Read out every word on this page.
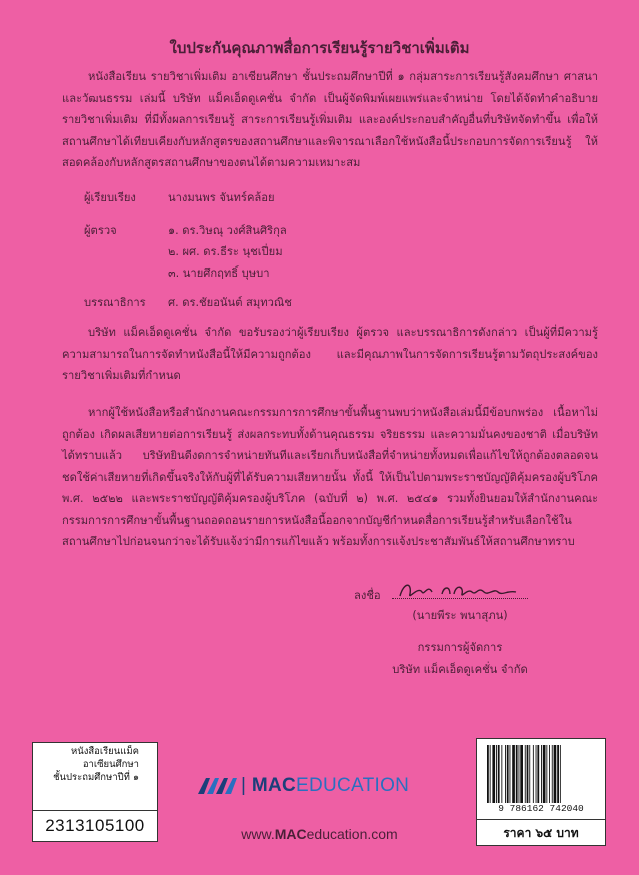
ใบประกันคุณภาพสื่อการเรียนรู้รายวิชาเพิ่มเติม
หนังสือเรียน รายวิชาเพิ่มเติม อาเซียนศึกษา ชั้นประถมศึกษาปีที่ ๑ กลุ่มสาระการเรียนรู้สังคมศึกษา ศาสนาและวัฒนธรรม เล่มนี้ บริษัท แม็คเอ็ดดูเคชั่น จำกัด เป็นผู้จัดพิมพ์เผยแพร่และจำหน่าย โดยได้จัดทำคำอธิบายรายวิชาเพิ่มเติม ที่มีทั้งผลการเรียนรู้ สาระการเรียนรู้เพิ่มเติม และองค์ประกอบสำคัญอื่นที่บริษัทจัดทำขึ้น เพื่อให้สถานศึกษาได้เทียบเคียงกับหลักสูตรของสถานศึกษาและพิจารณาเลือกใช้หนังสือนี้ประกอบการจัดการเรียนรู้ ให้สอดคล้องกับหลักสูตรสถานศึกษาของตนได้ตามความเหมาะสม
ผู้เรียบเรียง	นางมนพร จันทร์คล้อย
ผู้ตรวจ	๑. ดร.วิษณุ วงศ์สินศิริกุล
๒. ผศ. ดร.ธีระ นุชเปี่ยม
๓. นายศึกฤทธิ์ บุษบา
บรรณาธิการ ศ. ดร.ชัยอนันต์ สมุทวณิช
บริษัท แม็คเอ็ดดูเคชั่น จำกัด ขอรับรองว่าผู้เรียบเรียง ผู้ตรวจ และบรรณาธิการดังกล่าว เป็นผู้ที่มีความรู้ความสามารถในการจัดทำหนังสือนี้ให้มีความถูกต้อง และมีคุณภาพในการจัดการเรียนรู้ตามวัตถุประสงค์ของรายวิชาเพิ่มเติมที่กำหนด
หากผู้ใช้หนังสือหรือสำนักงานคณะกรรมการการศึกษาขั้นพื้นฐานพบว่าหนังสือเล่มนี้มีข้อบกพร่อง เนื้อหาไม่ถูกต้อง เกิดผลเสียหายต่อการเรียนรู้ ส่งผลกระทบทั้งด้านคุณธรรม จริยธรรม และความมั่นคงของชาติ เมื่อบริษัทได้ทราบแล้ว บริษัทยินดีงดการจำหน่ายทันทีและเรียกเก็บหนังสือที่จำหน่ายทั้งหมดเพื่อแก้ไขให้ถูกต้องตลอดจนชดใช้ค่าเสียหายที่เกิดขึ้นจริงให้กับผู้ที่ได้รับความเสียหายนั้น ทั้งนี้ ให้เป็นไปตามพระราชบัญญัติคุ้มครองผู้บริโภค พ.ศ. ๒๕๒๒ และพระราชบัญญัติคุ้มครองผู้บริโภค (ฉบับที่ ๒) พ.ศ. ๒๕๔๑ รวมทั้งยินยอมให้สำนักงานคณะกรรมการการศึกษาขั้นพื้นฐานถอดถอนรายการหนังสือนี้ออกจากบัญชีกำหนดสื่อการเรียนรู้สำหรับเลือกใช้ในสถานศึกษาไปก่อนจนกว่าจะได้รับแจ้งว่ามีการแก้ไขแล้ว พร้อมทั้งการแจ้งประชาสัมพันธ์ให้สถานศึกษาทราบ
ลงชื่อ
(นายพีระ พนาสุภน)
กรรมการผู้จัดการ
บริษัท แม็คเอ็ดดูเคชั่น จำกัด
หนังสือเรียนแม็ค
อาเซียนศึกษา
ชั้นประถมศึกษาปีที่ ๑
2313105100
| MACEDUCATION
www.MACeducation.com
9 786162 742040
ราคา ๖๕ บาท
